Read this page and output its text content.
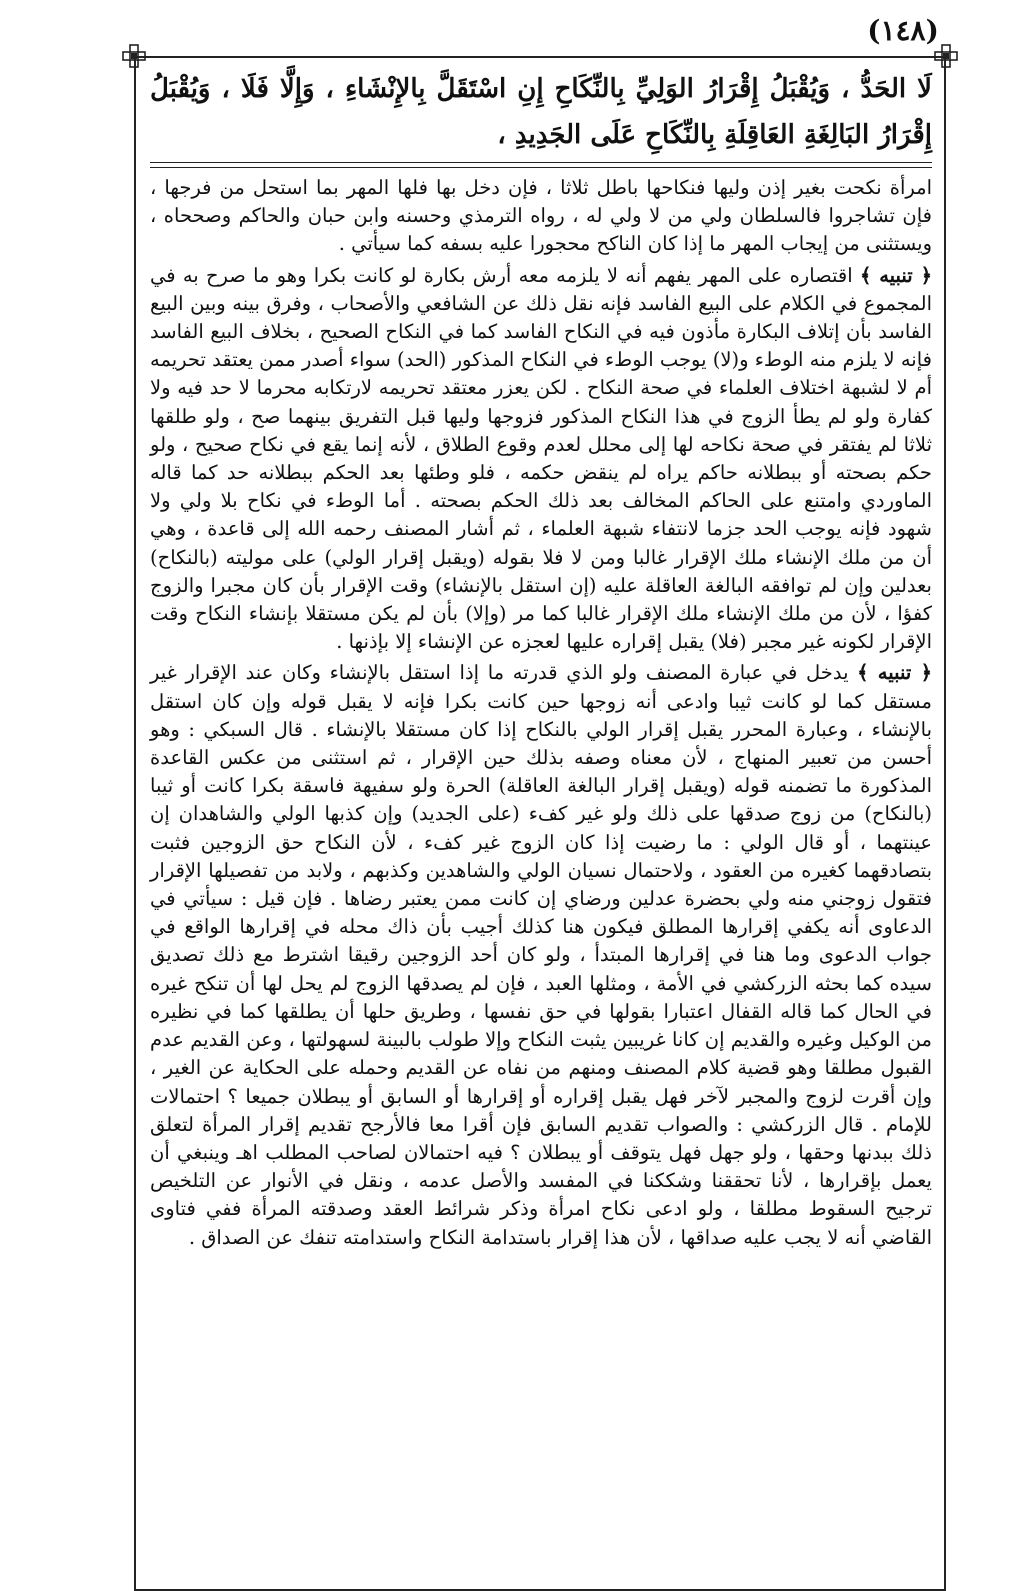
(١٤٨)
لَا الحَدُّ ، وَيُقْبَلُ إِقْرَارُ الوَلِيِّ بِالنِّكَاحِ إِنِ اسْتَقَلَّ بِالإِنْشَاءِ ، وَإِلَّا فَلَا ، وَيُقْبَلُ إِقْرَارُ البَالِغَةِ العَاقِلَةِ بِالنِّكَاحِ عَلَى الجَدِيدِ ،

امرأة نكحت بغير إذن وليها فنكاحها باطل ثلاثا ، فإن دخل بها فلها المهر بما استحل من فرجها ، فإن تشاجروا فالسلطان ولي من لا ولي له ، رواه الترمذي وحسنه وابن حبان والحاكم وصححاه ، ويستثنى من إيجاب المهر ما إذا كان الناكح محجورا عليه بسفه كما سيأتي .

﴿ تنبيه ﴾ اقتصاره على المهر يفهم أنه لا يلزمه معه أرش بكارة لو كانت بكرا وهو ما صرح به في المجموع في الكلام على البيع الفاسد فإنه نقل ذلك عن الشافعي والأصحاب ، وفرق بينه وبين البيع الفاسد بأن إتلاف البكارة مأذون فيه في النكاح الفاسد كما في النكاح الصحيح ، بخلاف البيع الفاسد فإنه لا يلزم منه الوطء و(لا) يوجب الوطء في النكاح المذكور (الحد) سواء أصدر ممن يعتقد تحريمه أم لا لشبهة اختلاف العلماء في صحة النكاح . لكن يعزر معتقد تحريمه لارتكابه محرما لا حد فيه ولا كفارة ولو لم يطأ الزوج في هذا النكاح المذكور فزوجها وليها قبل التفريق بينهما صح ، ولو طلقها ثلاثا لم يفتقر في صحة نكاحه لها إلى محلل لعدم وقوع الطلاق ، لأنه إنما يقع في نكاح صحيح ، ولو حكم بصحته أو ببطلانه حاكم يراه لم ينقض حكمه ، فلو وطئها بعد الحكم ببطلانه حد كما قاله الماوردي وامتنع على الحاكم المخالف بعد ذلك الحكم بصحته . أما الوطء في نكاح بلا ولي ولا شهود فإنه يوجب الحد جزما لانتفاء شبهة العلماء ، ثم أشار المصنف رحمه الله إلى قاعدة ، وهي أن من ملك الإنشاء ملك الإقرار غالبا ومن لا فلا بقوله (ويقبل إقرار الولي) على موليته (بالنكاح) بعدلين وإن لم توافقه البالغة العاقلة عليه (إن استقل بالإنشاء) وقت الإقرار بأن كان مجبرا والزوج كفؤا ، لأن من ملك الإنشاء ملك الإقرار غالبا كما مر (وإلا) بأن لم يكن مستقلا بإنشاء النكاح وقت الإقرار لكونه غير مجبر (فلا) يقبل إقراره عليها لعجزه عن الإنشاء إلا بإذنها .

﴿ تنبيه ﴾ يدخل في عبارة المصنف ولو الذي قدرته ما إذا استقل بالإنشاء وكان عند الإقرار غير مستقل كما لو كانت ثيبا وادعى أنه زوجها حين كانت بكرا فإنه لا يقبل قوله وإن كان استقل بالإنشاء ، وعبارة المحرر يقبل إقرار الولي بالنكاح إذا كان مستقلا بالإنشاء . قال السبكي : وهو أحسن من تعبير المنهاج ، لأن معناه وصفه بذلك حين الإقرار ، ثم استثنى من عكس القاعدة المذكورة ما تضمنه قوله (ويقبل إقرار البالغة العاقلة) الحرة ولو سفيهة فاسقة بكرا كانت أو ثيبا (بالنكاح) من زوج صدقها على ذلك ولو غير كفء (على الجديد) وإن كذبها الولي والشاهدان إن عينتهما ، أو قال الولي : ما رضيت إذا كان الزوج غير كفء ، لأن النكاح حق الزوجين فثبت بتصادقهما كغيره من العقود ، ولاحتمال نسيان الولي والشاهدين وكذبهم ، ولابد من تفصيلها الإقرار فتقول زوجني منه ولي بحضرة عدلين ورضاي إن كانت ممن يعتبر رضاها . فإن قيل : سيأتي في الدعاوى أنه يكفي إقرارها المطلق فيكون هنا كذلك أجيب بأن ذاك محله في إقرارها الواقع في جواب الدعوى وما هنا في إقرارها المبتدأ ، ولو كان أحد الزوجين رقيقا اشترط مع ذلك تصديق سيده كما بحثه الزركشي في الأمة ، ومثلها العبد ، فإن لم يصدقها الزوج لم يحل لها أن تنكح غيره في الحال كما قاله القفال اعتبارا بقولها في حق نفسها ، وطريق حلها أن يطلقها كما في نظيره من الوكيل وغيره والقديم إن كانا غريبين يثبت النكاح وإلا طولب بالبينة لسهولتها ، وعن القديم عدم القبول مطلقا وهو قضية كلام المصنف ومنهم من نفاه عن القديم وحمله على الحكاية عن الغير ، وإن أقرت لزوج والمجبر لآخر فهل يقبل إقراره أو إقرارها أو السابق أو يبطلان جميعا ؟ احتمالات للإمام . قال الزركشي : والصواب تقديم السابق فإن أقرا معا فالأرجح تقديم إقرار المرأة لتعلق ذلك ببدنها وحقها ، ولو جهل فهل يتوقف أو يبطلان ؟ فيه احتمالان لصاحب المطلب اهـ وينبغي أن يعمل بإقرارها ، لأنا تحققنا وشككنا في المفسد والأصل عدمه ، ونقل في الأنوار عن التلخيص ترجيح السقوط مطلقا ، ولو ادعى نكاح امرأة وذكر شرائط العقد وصدقته المرأة ففي فتاوى القاضي أنه لا يجب عليه صداقها ، لأن هذا إقرار باستدامة النكاح واستدامته تنفك عن الصداق .
